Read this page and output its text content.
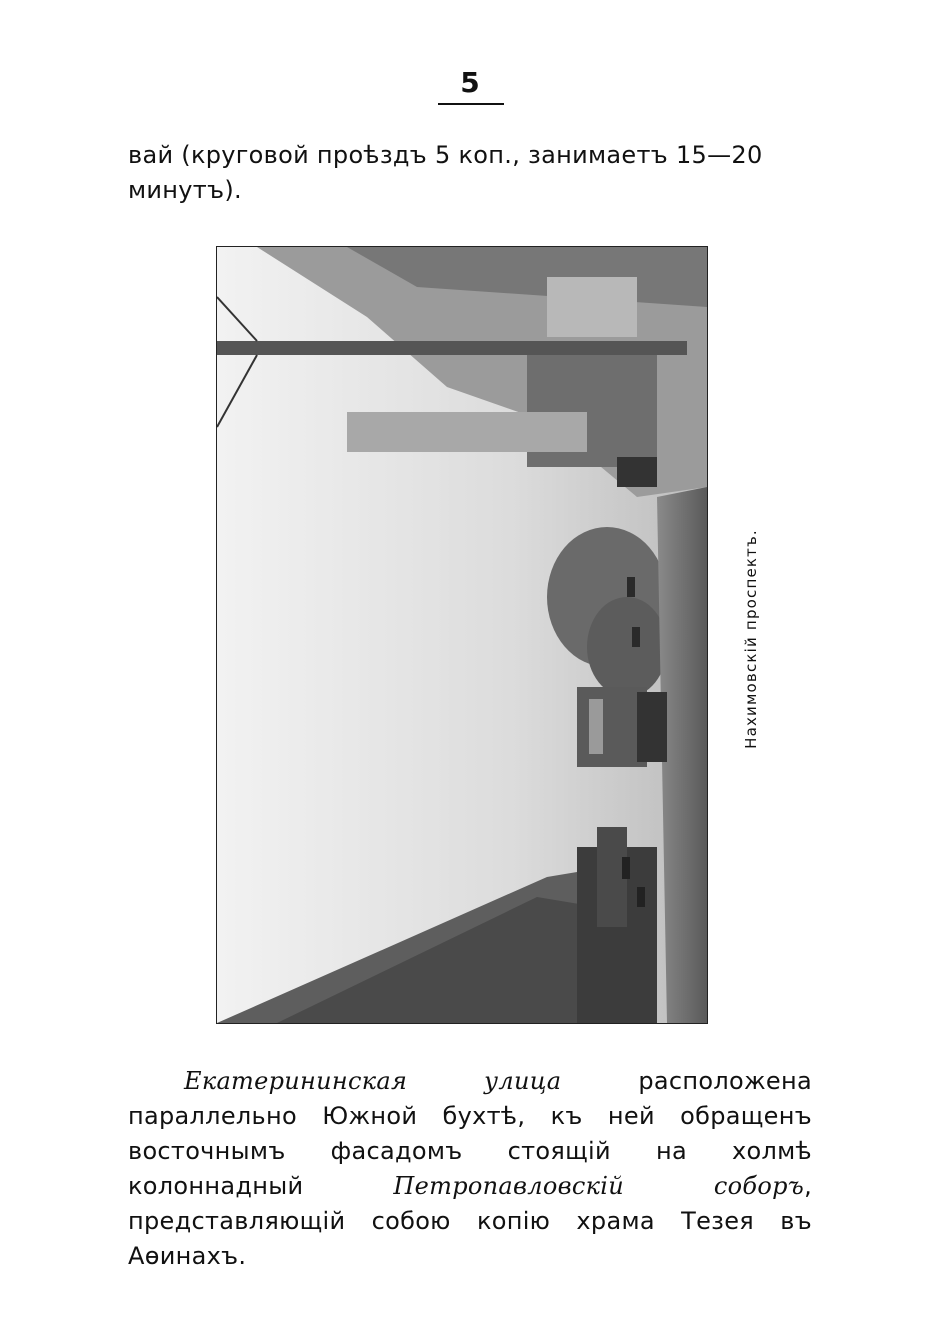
5
вай (круговой проѣздъ 5 коп., занимаетъ 15—20
минутъ).
Нахимовскій проспектъ.
Екатерининская улица расположена параллельно Южной бухтѣ, къ ней обращенъ восточнымъ фасадомъ стоящій на холмѣ колоннадный Петропавловскій соборъ, представляющій собою копію храма Тезея въ Аѳинахъ.
